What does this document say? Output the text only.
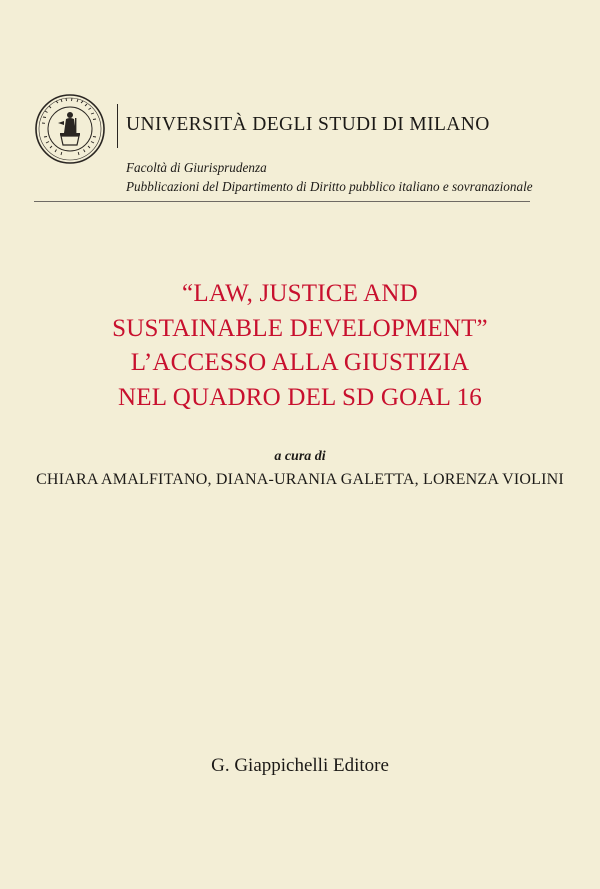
UNIVERSITÀ DEGLI STUDI DI MILANO
Facoltà di Giurisprudenza
Pubblicazioni del Dipartimento di Diritto pubblico italiano e sovranazionale
“LAW, JUSTICE AND
SUSTAINABLE DEVELOPMENT”
L’ACCESSO ALLA GIUSTIZIA
NEL QUADRO DEL SD GOAL 16
a cura di
CHIARA AMALFITANO, DIANA-URANIA GALETTA, LORENZA VIOLINI
G. Giappichelli Editore
